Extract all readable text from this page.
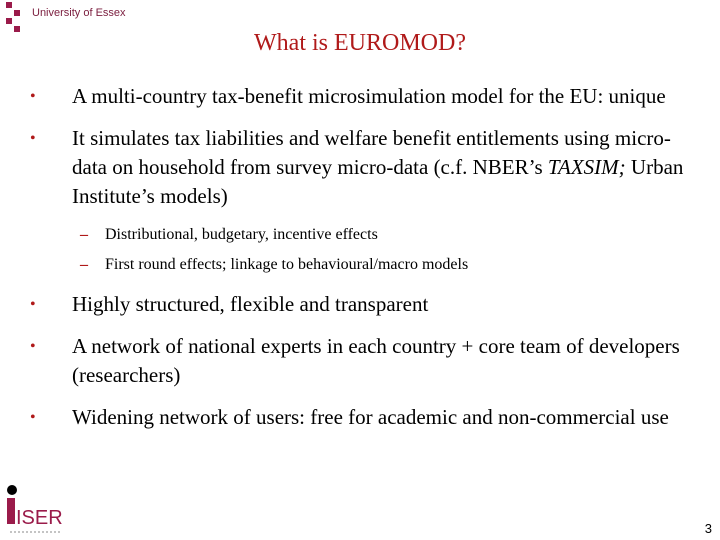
University of Essex
What is EUROMOD?
•	A multi-country tax-benefit microsimulation model for the EU: unique
•	It simulates tax liabilities and welfare benefit entitlements using micro-data on household from survey micro-data (c.f. NBER’s TAXSIM; Urban Institute’s models)
– Distributional, budgetary, incentive effects
– First round effects; linkage to behavioural/macro models
•	Highly structured, flexible and transparent
•	A network of national experts in each country + core team of developers (researchers)
•	Widening network of users: free for academic and non-commercial use
ISER	3
